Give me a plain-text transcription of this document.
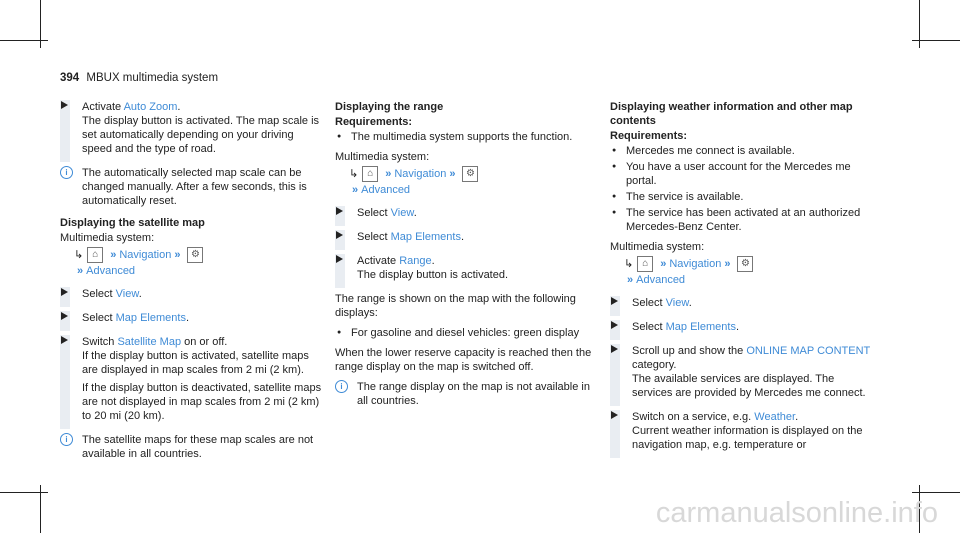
394 MBUX multimedia system
Activate Auto Zoom.
The display button is activated. The map scale is set automatically depending on your driving speed and the type of road.
i	The automatically selected map scale can be changed manually. After a few seconds, this is automatically reset.
Displaying the satellite map
Multimedia system:
↳ ⌂ » Navigation » ⚙
» Advanced
Select View.
Select Map Elements.
Switch Satellite Map on or off.
If the display button is activated, satellite maps are displayed in map scales from 2 mi (2 km).
If the display button is deactivated, satellite maps are not displayed in map scales from 2 mi (2 km) to 20 mi (20 km).
i	The satellite maps for these map scales are not available in all countries.
Displaying the range
Requirements:
● The multimedia system supports the function.
Multimedia system:
↳ ⌂ » Navigation » ⚙
» Advanced
Select View.
Select Map Elements.
Activate Range.
The display button is activated.
The range is shown on the map with the following displays:
● For gasoline and diesel vehicles: green display
When the lower reserve capacity is reached then the range display on the map is switched off.
i	The range display on the map is not available in all countries.
Displaying weather information and other map contents
Requirements:
● Mercedes me connect is available.
● You have a user account for the Mercedes me portal.
● The service is available.
● The service has been activated at an authorized Mercedes-Benz Center.
Multimedia system:
↳ ⌂ » Navigation » ⚙
» Advanced
Select View.
Select Map Elements.
Scroll up and show the ONLINE MAP CONTENT category.
The available services are displayed. The services are provided by Mercedes me connect.
Switch on a service, e.g. Weather.
Current weather information is displayed on the navigation map, e.g. temperature or
carmanualsonline.info
